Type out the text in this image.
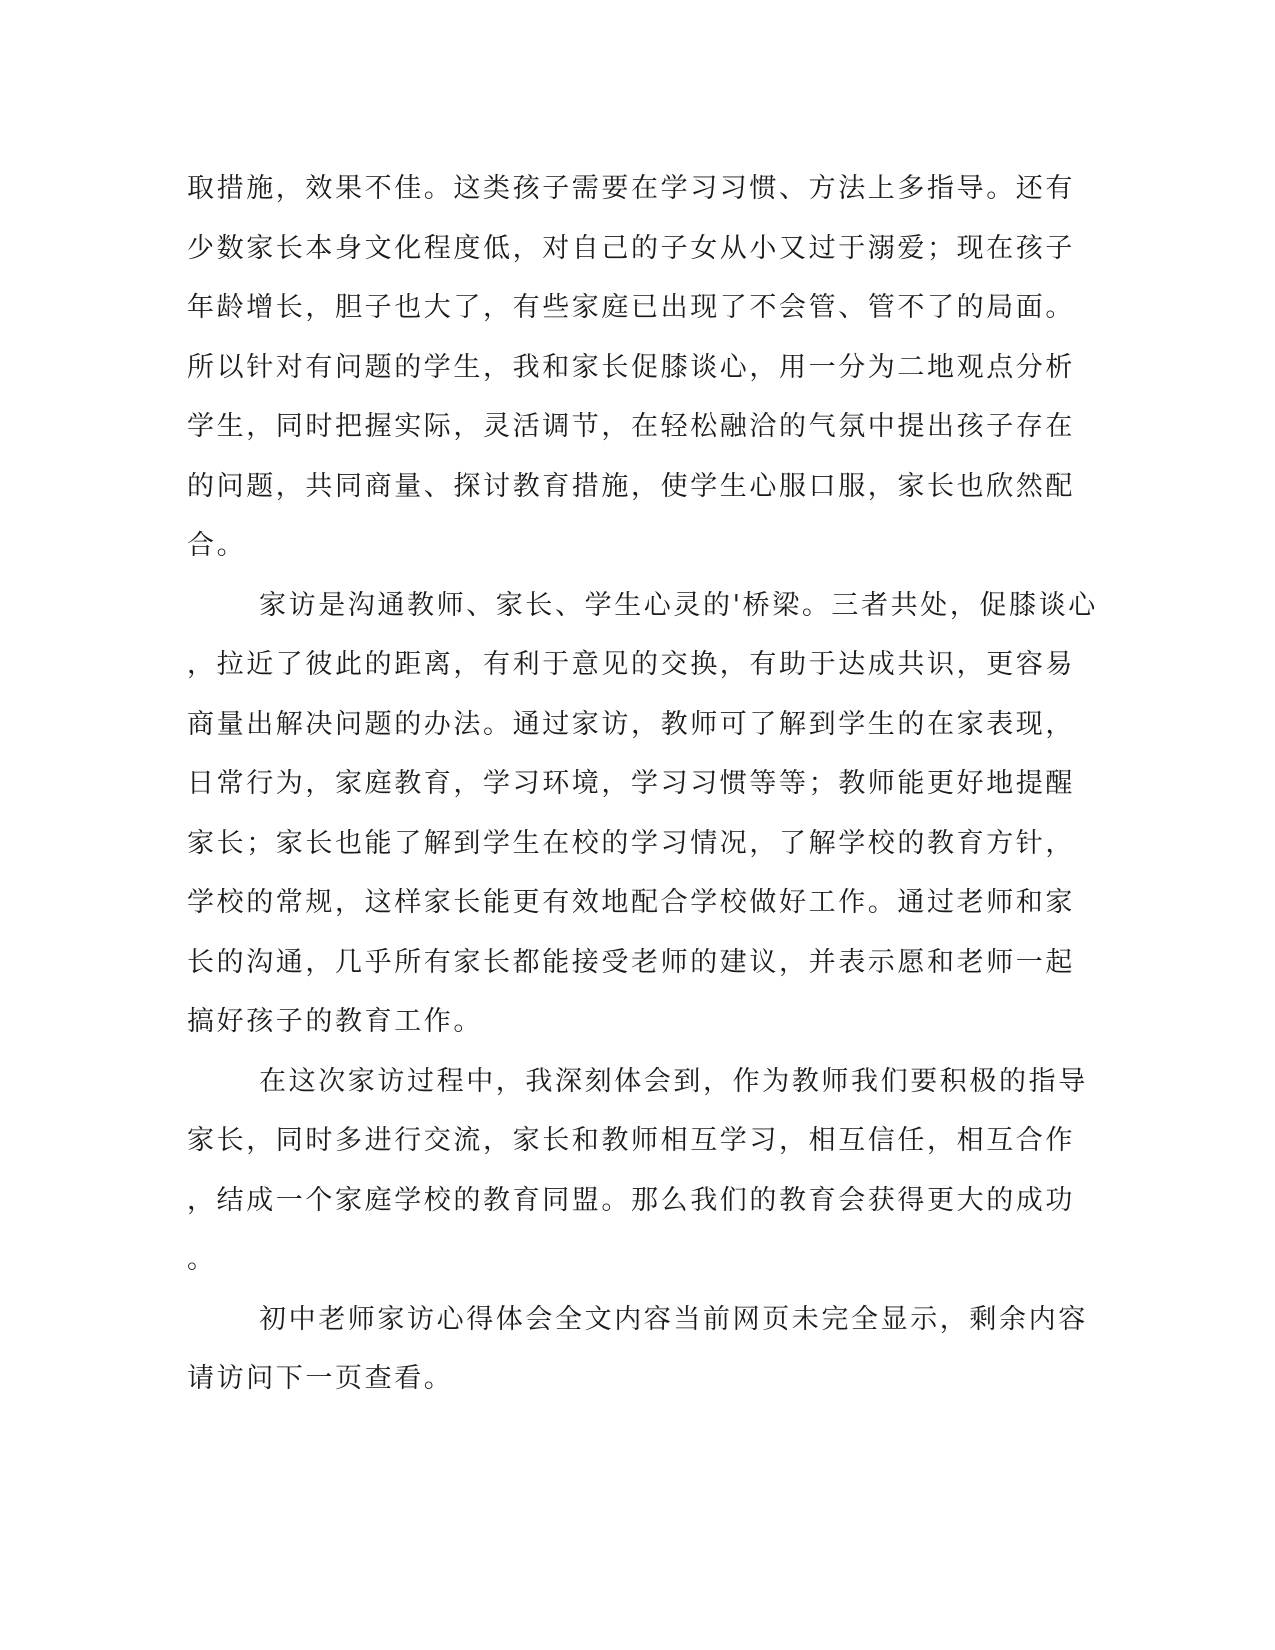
取措施，效果不佳。这类孩子需要在学习习惯、方法上多指导。还有
少数家长本身文化程度低，对自己的子女从小又过于溺爱；现在孩子
年龄增长，胆子也大了，有些家庭已出现了不会管、管不了的局面。
所以针对有问题的学生，我和家长促膝谈心，用一分为二地观点分析
学生，同时把握实际，灵活调节，在轻松融洽的气氛中提出孩子存在
的问题，共同商量、探讨教育措施，使学生心服口服，家长也欣然配
合。
家访是沟通教师、家长、学生心灵的'桥梁。三者共处，促膝谈心
，拉近了彼此的距离，有利于意见的交换，有助于达成共识，更容易
商量出解决问题的办法。通过家访，教师可了解到学生的在家表现，
日常行为，家庭教育，学习环境，学习习惯等等；教师能更好地提醒
家长；家长也能了解到学生在校的学习情况，了解学校的教育方针，
学校的常规，这样家长能更有效地配合学校做好工作。通过老师和家
长的沟通，几乎所有家长都能接受老师的建议，并表示愿和老师一起
搞好孩子的教育工作。
在这次家访过程中，我深刻体会到，作为教师我们要积极的指导
家长，同时多进行交流，家长和教师相互学习，相互信任，相互合作
，结成一个家庭学校的教育同盟。那么我们的教育会获得更大的成功
。
初中老师家访心得体会全文内容当前网页未完全显示，剩余内容
请访问下一页查看。
